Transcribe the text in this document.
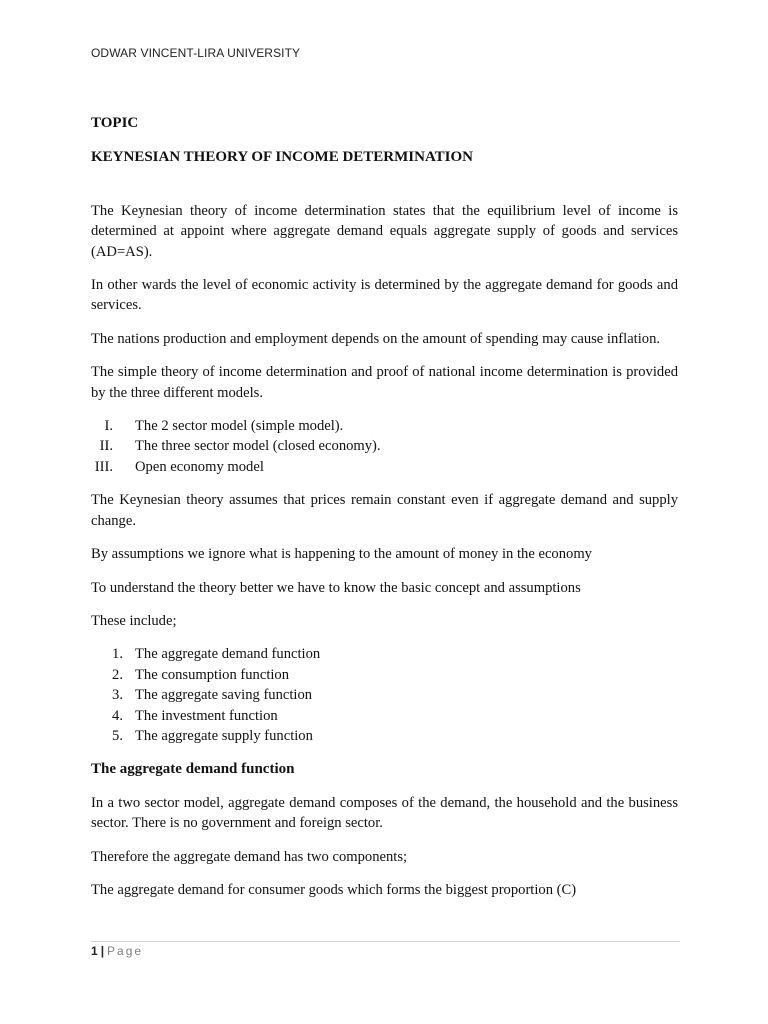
ODWAR VINCENT-LIRA UNIVERSITY

TOPIC

KEYNESIAN THEORY OF INCOME DETERMINATION

The Keynesian theory of income determination states that the equilibrium level of income is determined at appoint where aggregate demand equals aggregate supply of goods and services (AD=AS).

In other wards the level of economic activity is determined by the aggregate demand for goods and services.

The nations production and employment depends on the amount of spending may cause inflation.

The simple theory of income determination and proof of national income determination is provided by the three different models.

I. The 2 sector model (simple model).
II. The three sector model (closed economy).
III. Open economy model

The Keynesian theory assumes that prices remain constant even if aggregate demand and supply change.

By assumptions we ignore what is happening to the amount of money in the economy

To understand the theory better we have to know the basic concept and assumptions

These include;

1. The aggregate demand function
2. The consumption function
3. The aggregate saving function
4. The investment function
5. The aggregate supply function
The aggregate demand function

In a two sector model, aggregate demand composes of the demand, the household and the business sector. There is no government and foreign sector.

Therefore the aggregate demand has two components;

The aggregate demand for consumer goods which forms the biggest proportion (C)

1 | Page
